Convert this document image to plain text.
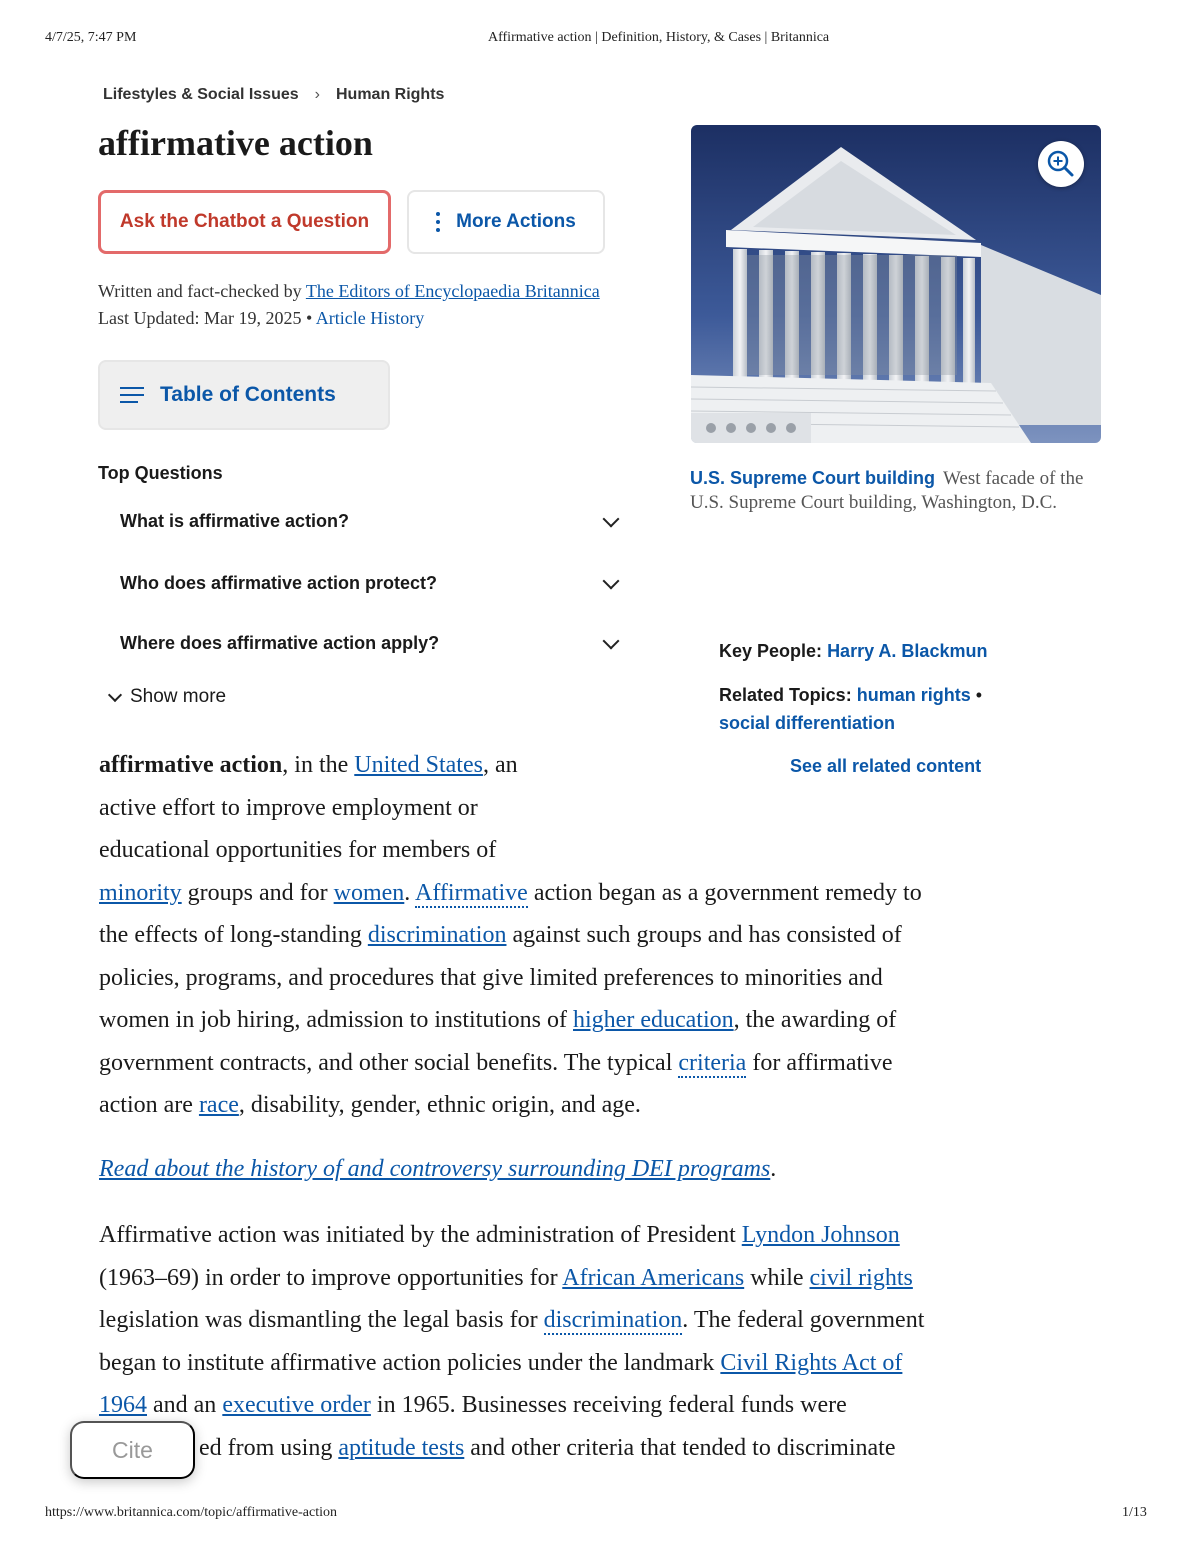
4/7/25, 7:47 PM	Affirmative action | Definition, History, & Cases | Britannica
Lifestyles & Social Issues › Human Rights
affirmative action
Ask the Chatbot a Question	More Actions
Written and fact-checked by The Editors of Encyclopaedia Britannica
Last Updated: Mar 19, 2025 • Article History
Table of Contents
Top Questions
What is affirmative action?
Who does affirmative action protect?
Where does affirmative action apply?
Show more
U.S. Supreme Court building West facade of the U.S. Supreme Court building, Washington, D.C.
Key People: Harry A. Blackmun
Related Topics: human rights •
social differentiation
See all related content

affirmative action, in the United States, an
active effort to improve employment or
educational opportunities for members of
minority groups and for women. Affirmative action began as a government remedy to
the effects of long-standing discrimination against such groups and has consisted of
policies, programs, and procedures that give limited preferences to minorities and
women in job hiring, admission to institutions of higher education, the awarding of
government contracts, and other social benefits. The typical criteria for affirmative
action are race, disability, gender, ethnic origin, and age.

Read about the history of and controversy surrounding DEI programs.

Affirmative action was initiated by the administration of President Lyndon Johnson
(1963–69) in order to improve opportunities for African Americans while civil rights
legislation was dismantling the legal basis for discrimination. The federal government
began to institute affirmative action policies under the landmark Civil Rights Act of
1964 and an executive order in 1965. Businesses receiving federal funds were
ed from using aptitude tests and other criteria that tended to discriminate

Cite
https://www.britannica.com/topic/affirmative-action	1/13
